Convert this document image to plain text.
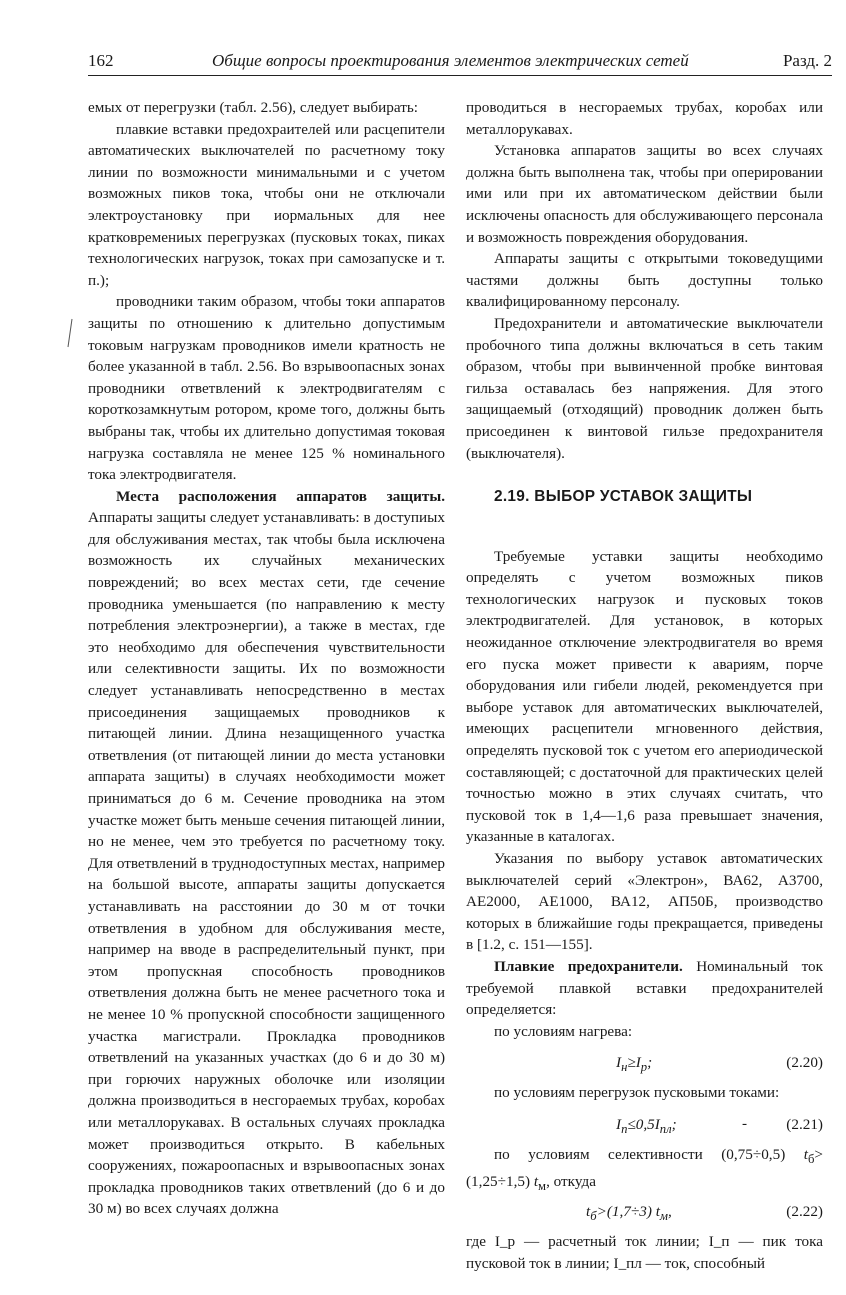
162	Общие вопросы проектирования элементов электрических сетей	Разд. 2

емых от перегрузки (табл. 2.56), следует выбирать:

плавкие вставки предохраителей или расцепители автоматических выключателей по расчетному току линии по возможности минимальными и с учетом возможных пиков тока, чтобы они не отключали электроустановку при иормальных для нее кратковремениых перегрузках (пусковых токах, пиках технологических нагрузок, токах при самозапуске и т. п.);

проводники таким образом, чтобы токи аппаратов защиты по отношению к длительно допустимым токовым нагрузкам проводников имели кратность не более указанной в табл. 2.56. Во взрывоопасных зонах проводники ответвлений к электродвигателям с короткозамкнутым ротором, кроме того, должны быть выбраны так, чтобы их длительно допустимая токовая нагрузка составляла не менее 125 % номинального тока электродвигателя.

Места расположения аппаратов защиты. Аппараты защиты следует устанавливать: в доступиых для обслуживания местах, так чтобы была исключена возможность их случайных механических повреждений; во всех местах сети, где сечение проводника уменьшается (по направлению к месту потребления электроэнергии), а также в местах, где это необходимо для обеспечения чувствительности или селективности защиты. Их по возможности следует устанавливать непосредственно в местах присоединения защищаемых проводников к питающей линии. Длина незащищенного участка ответвления (от питающей линии до места установки аппарата защиты) в случаях необходимости может приниматься до 6 м. Сечение проводника на этом участке может быть меньше сечения питающей линии, но не менее, чем это требуется по расчетному току. Для ответвлений в труднодоступных местах, например на большой высоте, аппараты защиты допускается устанавливать на расстоянии до 30 м от точки ответвления в удобном для обслуживания месте, например на вводе в распределительный пункт, при этом пропускная способность проводников ответвления должна быть не менее расчетного тока и не менее 10 % пропускной способности защищенного участка магистрали. Прокладка проводников ответвлений на указанных участках (до 6 и до 30 м) при горючих наружных оболочке или изоляции должна производиться в несгораемых трубах, коробах или металлорукавах. В остальных случаях прокладка может производиться открыто. В кабельных сооружениях, пожароопасных и взрывоопасных зонах прокладка проводников таких ответвлений (до 6 и до 30 м) во всех случаях должна

проводиться в несгораемых трубах, коробах или металлорукавах.

Установка аппаратов защиты во всех случаях должна быть выполнена так, чтобы при оперировании ими или при их автоматическом действии были исключены опасность для обслуживающего персонала и возможность повреждения оборудования.

Аппараты защиты с открытыми токоведущими частями должны быть доступны только квалифицированному персоналу.

Предохранители и автоматические выключатели пробочного типа должны включаться в сеть таким образом, чтобы при вывинченной пробке винтовая гильза оставалась без напряжения. Для этого защищаемый (отходящий) проводник должен быть присоединен к винтовой гильзе предохранителя (выключателя).

2.19. ВЫБОР УСТАВОК ЗАЩИТЫ

Требуемые уставки защиты необходимо определять с учетом возможных пиков технологических нагрузок и пусковых токов электродвигателей. Для установок, в которых неожиданное отключение электродвигателя во время его пуска может привести к авариям, порче оборудования или гибели людей, рекомендуется при выборе уставок для автоматических выключателей, имеющих расцепители мгновенного действия, определять пусковой ток с учетом его апериодической составляющей; с достаточной для практических целей точностью можно в этих случаях считать, что пусковой ток в 1,4—1,6 раза превышает значения, указанные в каталогах.

Указания по выбору уставок автоматических выключателей серий «Электрон», ВА62, А3700, АЕ2000, АЕ1000, ВА12, АП50Б, производство которых в ближайшие годы прекращается, приведены в [1.2, с. 151—155].

Плавкие предохранители. Номинальный ток требуемой плавкой вставки предохранителей определяется:

по условиям нагрева:

$I_н\ge I_р$;	(2.20)

по условиям перегрузок пусковыми токами:

$I_п\le 0,5I_{пл}$;	-	(2.21)

по условиям селективности (0,75÷0,5) $t_б> (1,25\div 1,5)$ $t_м$, откуда

$t_б>(1,7\div 3)$ $t_м$,	(2.22)

где I_р — расчетный ток линии; I_п — пик тока пусковой ток в линии; I_пл — ток, способный
